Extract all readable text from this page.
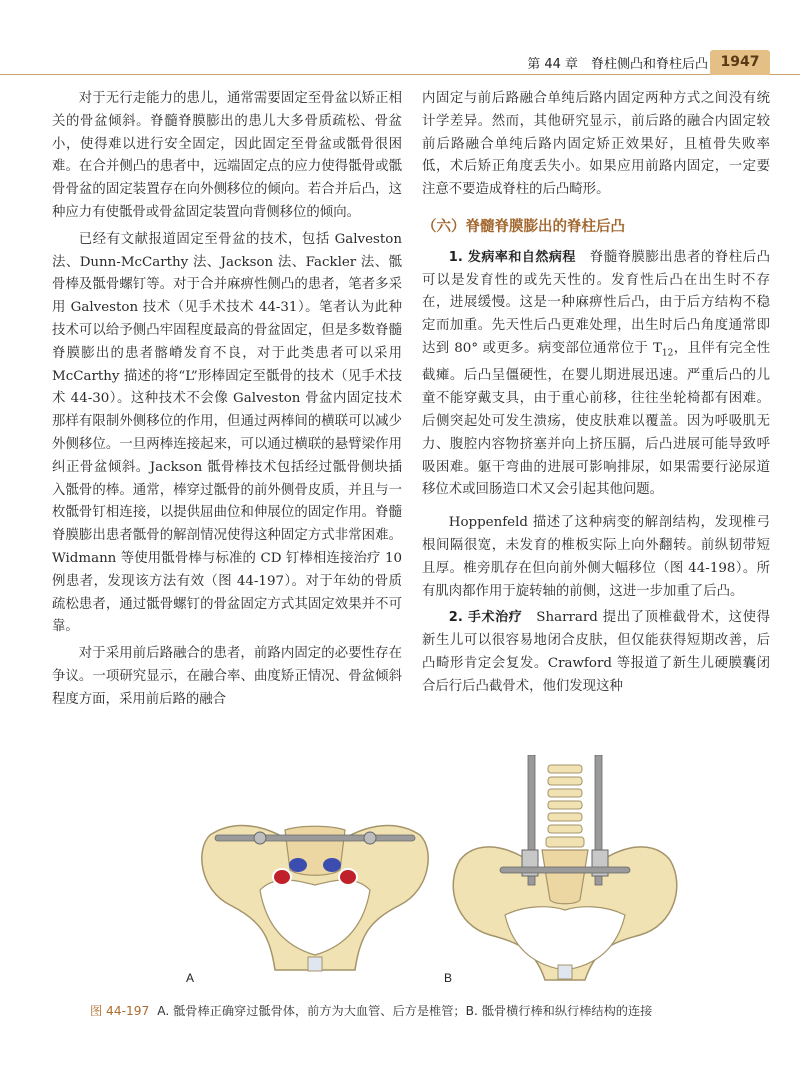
第 44 章　脊柱侧凸和脊柱后凸 1947

对于无行走能力的患儿，通常需要固定至骨盆以矫正相关的骨盆倾斜。脊髓脊膜膨出的患儿大多骨质疏松、骨盆小，使得难以进行安全固定，因此固定至骨盆或骶骨很困难。在合并侧凸的患者中，远端固定点的应力使得骶骨或骶骨骨盆的固定装置存在向外侧移位的倾向。若合并后凸，这种应力有使骶骨或骨盆固定装置向背侧移位的倾向。

已经有文献报道固定至骨盆的技术，包括 Galveston 法、Dunn-McCarthy 法、Jackson 法、Fackler 法、骶骨棒及骶骨螺钉等。对于合并麻痹性侧凸的患者，笔者多采用 Galveston 技术（见手术技术 44-31）。笔者认为此种技术可以给予侧凸牢固程度最高的骨盆固定，但是多数脊髓脊膜膨出的患者髂嵴发育不良，对于此类患者可以采用 McCarthy 描述的将“L”形棒固定至骶骨的技术（见手术技术 44-30）。这种技术不会像 Galveston 骨盆内固定技术那样有限制外侧移位的作用，但通过两棒间的横联可以减少外侧移位。一旦两棒连接起来，可以通过横联的悬臂梁作用纠正骨盆倾斜。Jackson 骶骨棒技术包括经过骶骨侧块插入骶骨的棒。通常，棒穿过骶骨的前外侧骨皮质，并且与一枚骶骨钉相连接，以提供屈曲位和伸展位的固定作用。脊髓脊膜膨出患者骶骨的解剖情况使得这种固定方式非常困难。Widmann 等使用骶骨棒与标准的 CD 钉棒相连接治疗 10 例患者，发现该方法有效（图 44-197）。对于年幼的骨质疏松患者，通过骶骨螺钉的骨盆固定方式其固定效果并不可靠。

对于采用前后路融合的患者，前路内固定的必要性存在争议。一项研究显示，在融合率、曲度矫正情况、骨盆倾斜程度方面，采用前后路的融合

内固定与前后路融合单纯后路内固定两种方式之间没有统计学差异。然而，其他研究显示，前后路的融合内固定较前后路融合单纯后路内固定矫正效果好，且植骨失败率低，术后矫正角度丢失小。如果应用前路内固定，一定要注意不要造成脊柱的后凸畸形。

（六）脊髓脊膜膨出的脊柱后凸

1. 发病率和自然病程　脊髓脊膜膨出患者的脊柱后凸可以是发育性的或先天性的。发育性后凸在出生时不存在，进展缓慢。这是一种麻痹性后凸，由于后方结构不稳定而加重。先天性后凸更难处理，出生时后凸角度通常即达到 80° 或更多。病变部位通常位于 $T_{12}$，且伴有完全性截瘫。后凸呈僵硬性，在婴儿期进展迅速。严重后凸的儿童不能穿戴支具，由于重心前移，往往坐轮椅都有困难。后侧突起处可发生溃疡，使皮肤难以覆盖。因为呼吸肌无力、腹腔内容物挤塞并向上挤压膈，后凸进展可能导致呼吸困难。躯干弯曲的进展可影响排尿，如果需要行泌尿道移位术或回肠造口术又会引起其他问题。

Hoppenfeld 描述了这种病变的解剖结构，发现椎弓根间隔很宽，未发育的椎板实际上向外翻转。前纵韧带短且厚。椎旁肌存在但向前外侧大幅移位（图 44-198）。所有肌肉都作用于旋转轴的前侧，这进一步加重了后凸。

2. 手术治疗　Sharrard 提出了顶椎截骨术，这使得新生儿可以很容易地闭合皮肤，但仅能获得短期改善，后凸畸形肯定会复发。Crawford 等报道了新生儿硬膜囊闭合后行后凸截骨术，他们发现这种

A	B
图 44-197 A. 骶骨棒正确穿过骶骨体，前方为大血管、后方是椎管；B. 骶骨横行棒和纵行棒结构的连接
